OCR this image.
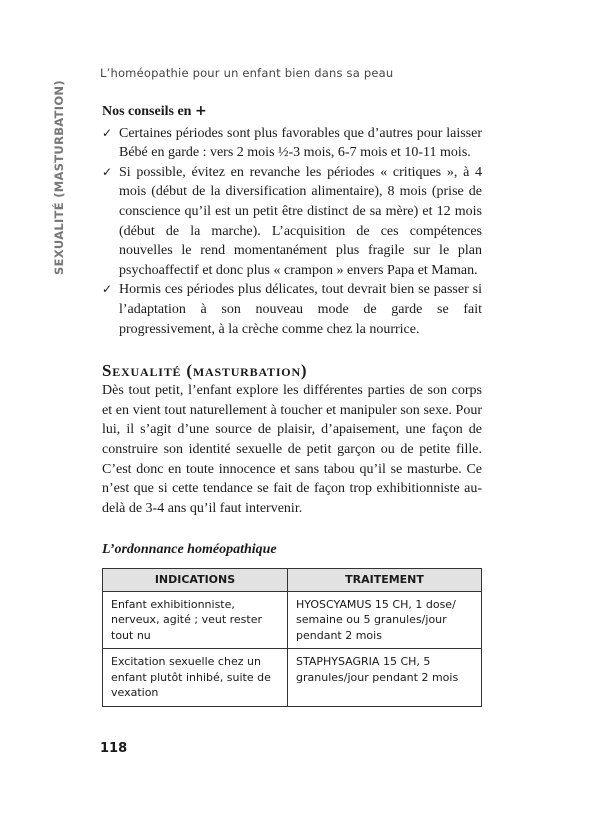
L’homéopathie pour un enfant bien dans sa peau
SEXUALITÉ (MASTURBATION)	Nos conseils en +
✓ Certaines périodes sont plus favorables que d’autres pour laisser Bébé en garde : vers 2 mois ½-3 mois, 6-7 mois et 10-11 mois.
✓ Si possible, évitez en revanche les périodes « critiques », à 4 mois (début de la diversification alimentaire), 8 mois (prise de conscience qu’il est un petit être distinct de sa mère) et 12 mois (début de la marche). L’acquisition de ces compétences nouvelles le rend momentanément plus fragile sur le plan psychoaffectif et donc plus « crampon » envers Papa et Maman.
✓ Hormis ces périodes plus délicates, tout devrait bien se passer si l’adaptation à son nouveau mode de garde se fait progressivement, à la crèche comme chez la nourrice.
Sexualité (masturbation)

Dès tout petit, l’enfant explore les différentes parties de son corps et en vient tout naturellement à toucher et manipuler son sexe. Pour lui, il s’agit d’une source de plaisir, d’apaisement, une façon de construire son identité sexuelle de petit garçon ou de petite fille. C’est donc en toute innocence et sans tabou qu’il se masturbe. Ce n’est que si cette tendance se fait de façon trop exhibitionniste au-delà de 3-4 ans qu’il faut intervenir.

L’ordonnance homéopathique
INDICATIONS	TRAITEMENT
Enfant exhibitionniste, nerveux, agité ; veut rester tout nu	HYOSCYAMUS 15 CH, 1 dose/ semaine ou 5 granules/jour pendant 2 mois
Excitation sexuelle chez un enfant plutôt inhibé, suite de vexation	STAPHYSAGRIA 15 CH, 5 granules/jour pendant 2 mois
118
